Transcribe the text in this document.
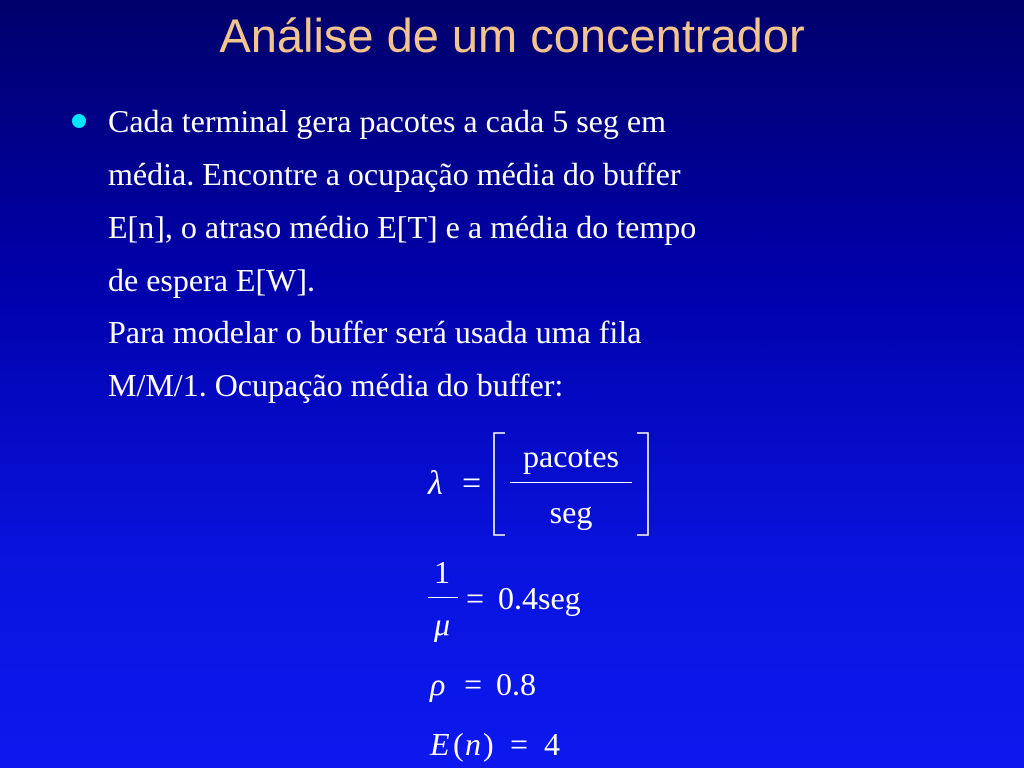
Análise de um concentrador
Cada terminal gera pacotes a cada 5 seg em
média. Encontre a ocupação média do buffer
E[n], o atraso médio E[T] e a média do tempo
de espera E[W].
Para modelar o buffer será usada uma fila
M/M/1. Ocupação média do buffer:
λ =
pacotes
seg
1
μ
= 0.4seg
ρ = 0.8
E ( n ) = 4
